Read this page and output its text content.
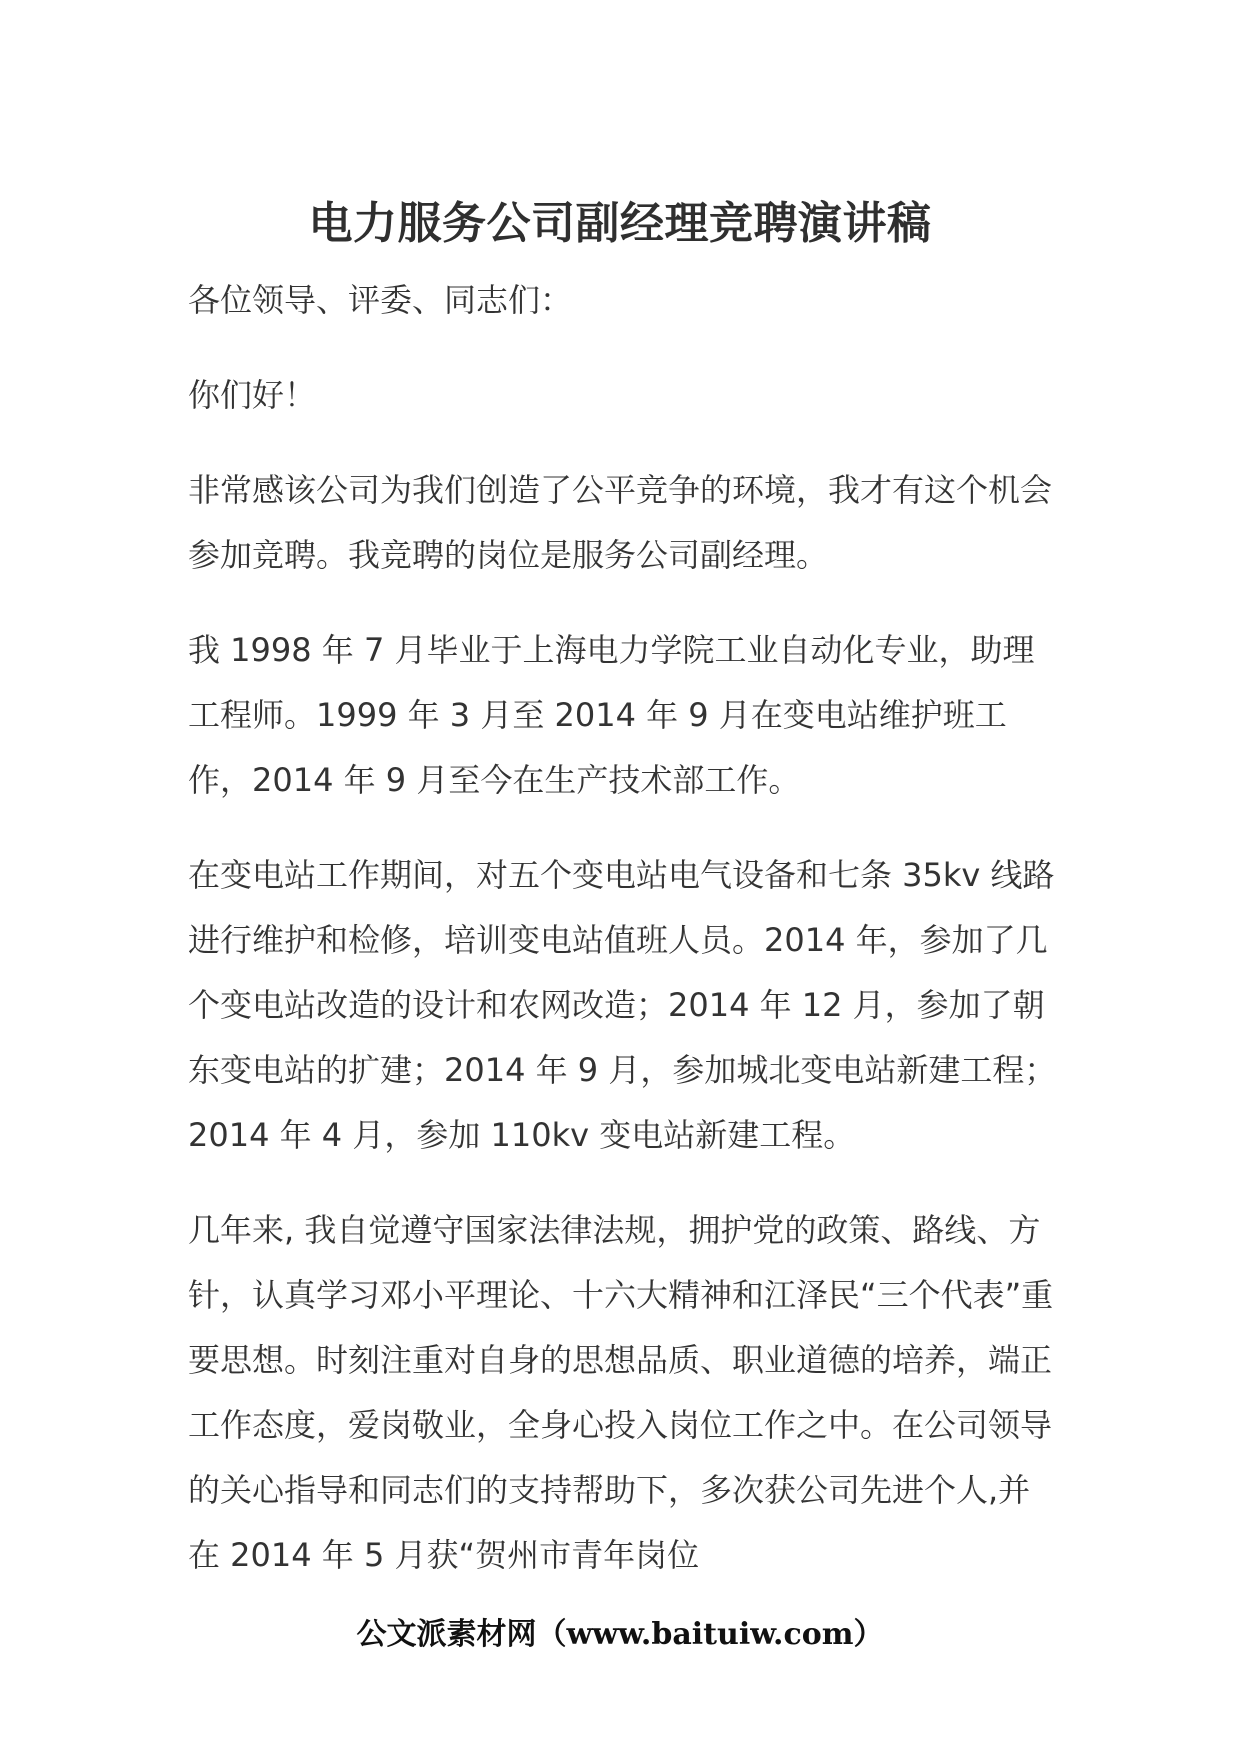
电力服务公司副经理竞聘演讲稿

各位领导、评委、同志们：

你们好！

非常感该公司为我们创造了公平竞争的环境，我才有这个机会参加竞聘。我竞聘的岗位是服务公司副经理。

我 1998 年 7 月毕业于上海电力学院工业自动化专业，助理工程师。1999 年 3 月至 2014 年 9 月在变电站维护班工作，2014 年 9 月至今在生产技术部工作。

在变电站工作期间，对五个变电站电气设备和七条 35kv 线路进行维护和检修，培训变电站值班人员。2014 年，参加了几个变电站改造的设计和农网改造；2014 年 12 月，参加了朝东变电站的扩建；2014 年 9 月，参加城北变电站新建工程；2014 年 4 月，参加 110kv 变电站新建工程。

几年来, 我自觉遵守国家法律法规，拥护党的政策、路线、方针，认真学习邓小平理论、十六大精神和江泽民“三个代表”重要思想。时刻注重对自身的思想品质、职业道德的培养，端正工作态度，爱岗敬业，全身心投入岗位工作之中。在公司领导的关心指导和同志们的支持帮助下，多次获公司先进个人,并在 2014 年 5 月获“贺州市青年岗位

公文派素材网（www.baituiw.com）
